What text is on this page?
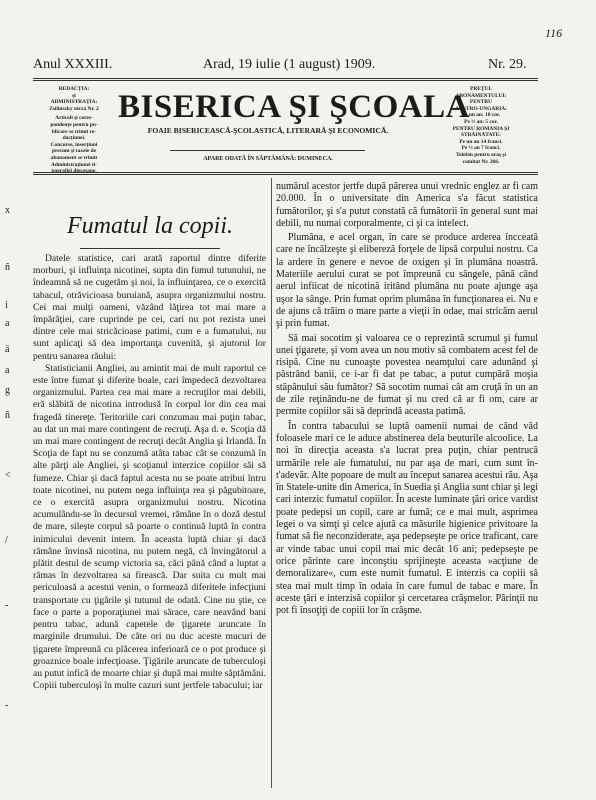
116
Anul XXXIII.	Arad, 19 iulie (1 august) 1909.	Nr. 29.
REDACŢIA:
şi
ADMINISTRAŢIA:
Zsilinszky utcza Nr. 2
Articoli şi cores-
pondenţe pentru pu-
blicare se trimit re-
dacţiunei.
Concurse, inserţiuni
precum şi taxele de
abonament se trimit
Administraţiunei ti-
pografiei diecesane.
BISERICA ŞI ŞCOALA
FOAIE BISERICEASCĂ-ŞCOLASTICĂ, LITERARĂ ŞI ECONOMICĂ.
APARE ODATĂ ÎN SĂPTĂMÂNĂ: DUMINECA.
PREŢUL
ABONAMENTULUI:
PENTRU
AUSTRO-UNGARIA:
Pe un an: 10 cor.
Pe ½ an: 5 cor.
PENTRU ROMÂNIA ŞI
STRĂINĂTATE:
Pe un an 14 franci.
Pe ½ an 7 franci.
Telefon pentru oraş şi
comitat Nr. 266.
Fumatul la copii.

Datele statistice, cari arată raportul dintre diferite morburi, şi influinţa nicotinei, supta din fumul tutunului, ne îndeamnă să ne cugetăm şi noi, la influinţarea, ce o exercită tabacul, otrăvicioasa buruiană, asupra organizmului nostru. Cei mai mulţi oameni, văzând lăţirea tot mai mare a împărăţiei, care cuprinde pe cei, cari nu pot rezista unei dintre cele mai stricăcioase patimi, cum e a fumatului, nu sunt aplicaţi să dea importanţa cuvenită, şi ajutorul lor pentru sanarea răului:

Statisticianii Angliei, au amintit mai de mult raportul ce este între fumat şi diferite boale, cari împedecă dezvoltarea organizmului. Partea cea mai mare a recruţilor mai debili, eră slăbită de nicotina introdusă în corpul lor din cea mai fragedă tinereţe. Teritoriile cari conzumau mai puţin tabac, au dat un mai mare contingent de recruţi. Aşa d. e. Scoţia dă un mai mare contingent de recruţi decât Anglia şi Irlandă. În Scoţia de fapt nu se conzumă atâta tabac cât se conzumă în alte părţi ale Angliei, şi scoţianul interzice copiilor săi să fumeze. Chiar şi dacă faptul acesta nu se poate atribui întru toate nicotinei, nu putem nega influinţa rea şi păgubitoare, ce o exercită asupra organizmului nostru. Nicotina acumulându-se în decursul vremei, rămâne în o doză destul de mare, silește corpul să poarte o continuă luptă în contra inimicului devenit intern. În aceasta luptă chiar şi dacă rămâne învinsă nicotina, nu putem negă, că învingătorul a plătit destul de scump victoria sa, căci până când a luptat a rămas în dezvoltarea sa firească. Dar suita cu mult mai periculoasă a acestui venin, o formează diferitele infecţiuni transportate cu ţigările şi tutunul de odată. Cine nu ştie, ce face o parte a poporaţiunei mai sărace, care neavând bani pentru tabac, adună capetele de ţigarete aruncate în marginile drumului. De câte ori nu duc aceste mucuri de ţigarete împreună cu plăcerea inferioară ce o pot produce şi groaznice boale infecţioase. Ţigările aruncate de tuberculoşi au putut infică de moarte chiar şi după mai multe săptămâni. Copiii tuberculoşi în multe cazuri sunt jertfele tabacului; iar

numărul acestor jertfe după părerea unui vrednic englez ar fi cam 20.000. În o universitate din America s'a făcut statistica fumătorilor, şi s'a putut constată că fumătorii în general sunt mai debili, nu numai corporalmente, ci şi ca intelect.

Plumâna, e acel organ, în care se produce arderea încceată care ne încălzeşte şi elibereză forţele de lipsă corpului nostru. Ca la ardere în genere e nevoe de oxigen şi în plumâna noastră. Materiile aerului curat se pot împreună cu sângele, până când aerul infiicat de nicotină iritând plumâna nu poate ajunge aşa uşor la sânge. Prin fumat oprim plumâna în funcţionarea ei. Nu e de ajuns că trăim o mare parte a vieţii în odae, mai stricăm aerul şi prin fumat.

Să mai socotim şi valoarea ce o reprezintă scrumul şi fumul unei ţigarete, şi vom avea un nou motiv să combatem acest fel de risipă. Cine nu cunoaşte povestea neamţului care adunând şi păstrând banii, ce i-ar fi dat pe tabac, a putut cumpără moşia stăpânului său fumător? Să socotim numai cât am cruţă în un an de zile reţinându-ne de fumat şi nu cred că ar fi om, care ar permite copiilor săi să deprindă aceasta patimă.

În contra tabacului se luptă oamenii numai de când văd foloasele mari ce le aduce abstinerea dela beuturile alcoolice. La noi în direcţia aceasta s'a lucrat prea puţin, chiar pentrucă urmările rele ale fumatului, nu par aşa de mari, cum sunt înt'adevăr. Alte popoare de mult au început sanarea acestui rău. Aşa în Statele-unite din America, în Suedia şi Anglia sunt chiar şi legi cari interzic fumatul copiilor. În aceste luminate ţări orice vardist poate pedepsi un copil, care ar fumă; ce e mai mult, asprimea legei o va simţi şi celce ajută ca măsurile higienice privitoare la fumat să fie neconziderate, aşa pedepseşte pe orice traficant, care ar vinde tabac unui copil mai mic decât 16 ani; pedepseşte pe orice părinte care inconştiu sprijineşte aceasta »acţiune de demoralizare«, cum este numit fumatul. E interzis ca copiii să stea mai mult timp în odaia în care fumul de tabac e mare. În aceste ţări e interzisă copiilor şi cercetarea crâşmelor. Părinţii nu pot fi însoţiţi de copiii lor în crâşme.

x
ñ
i
a
ä
a
g
ñ
<
/
-
-
